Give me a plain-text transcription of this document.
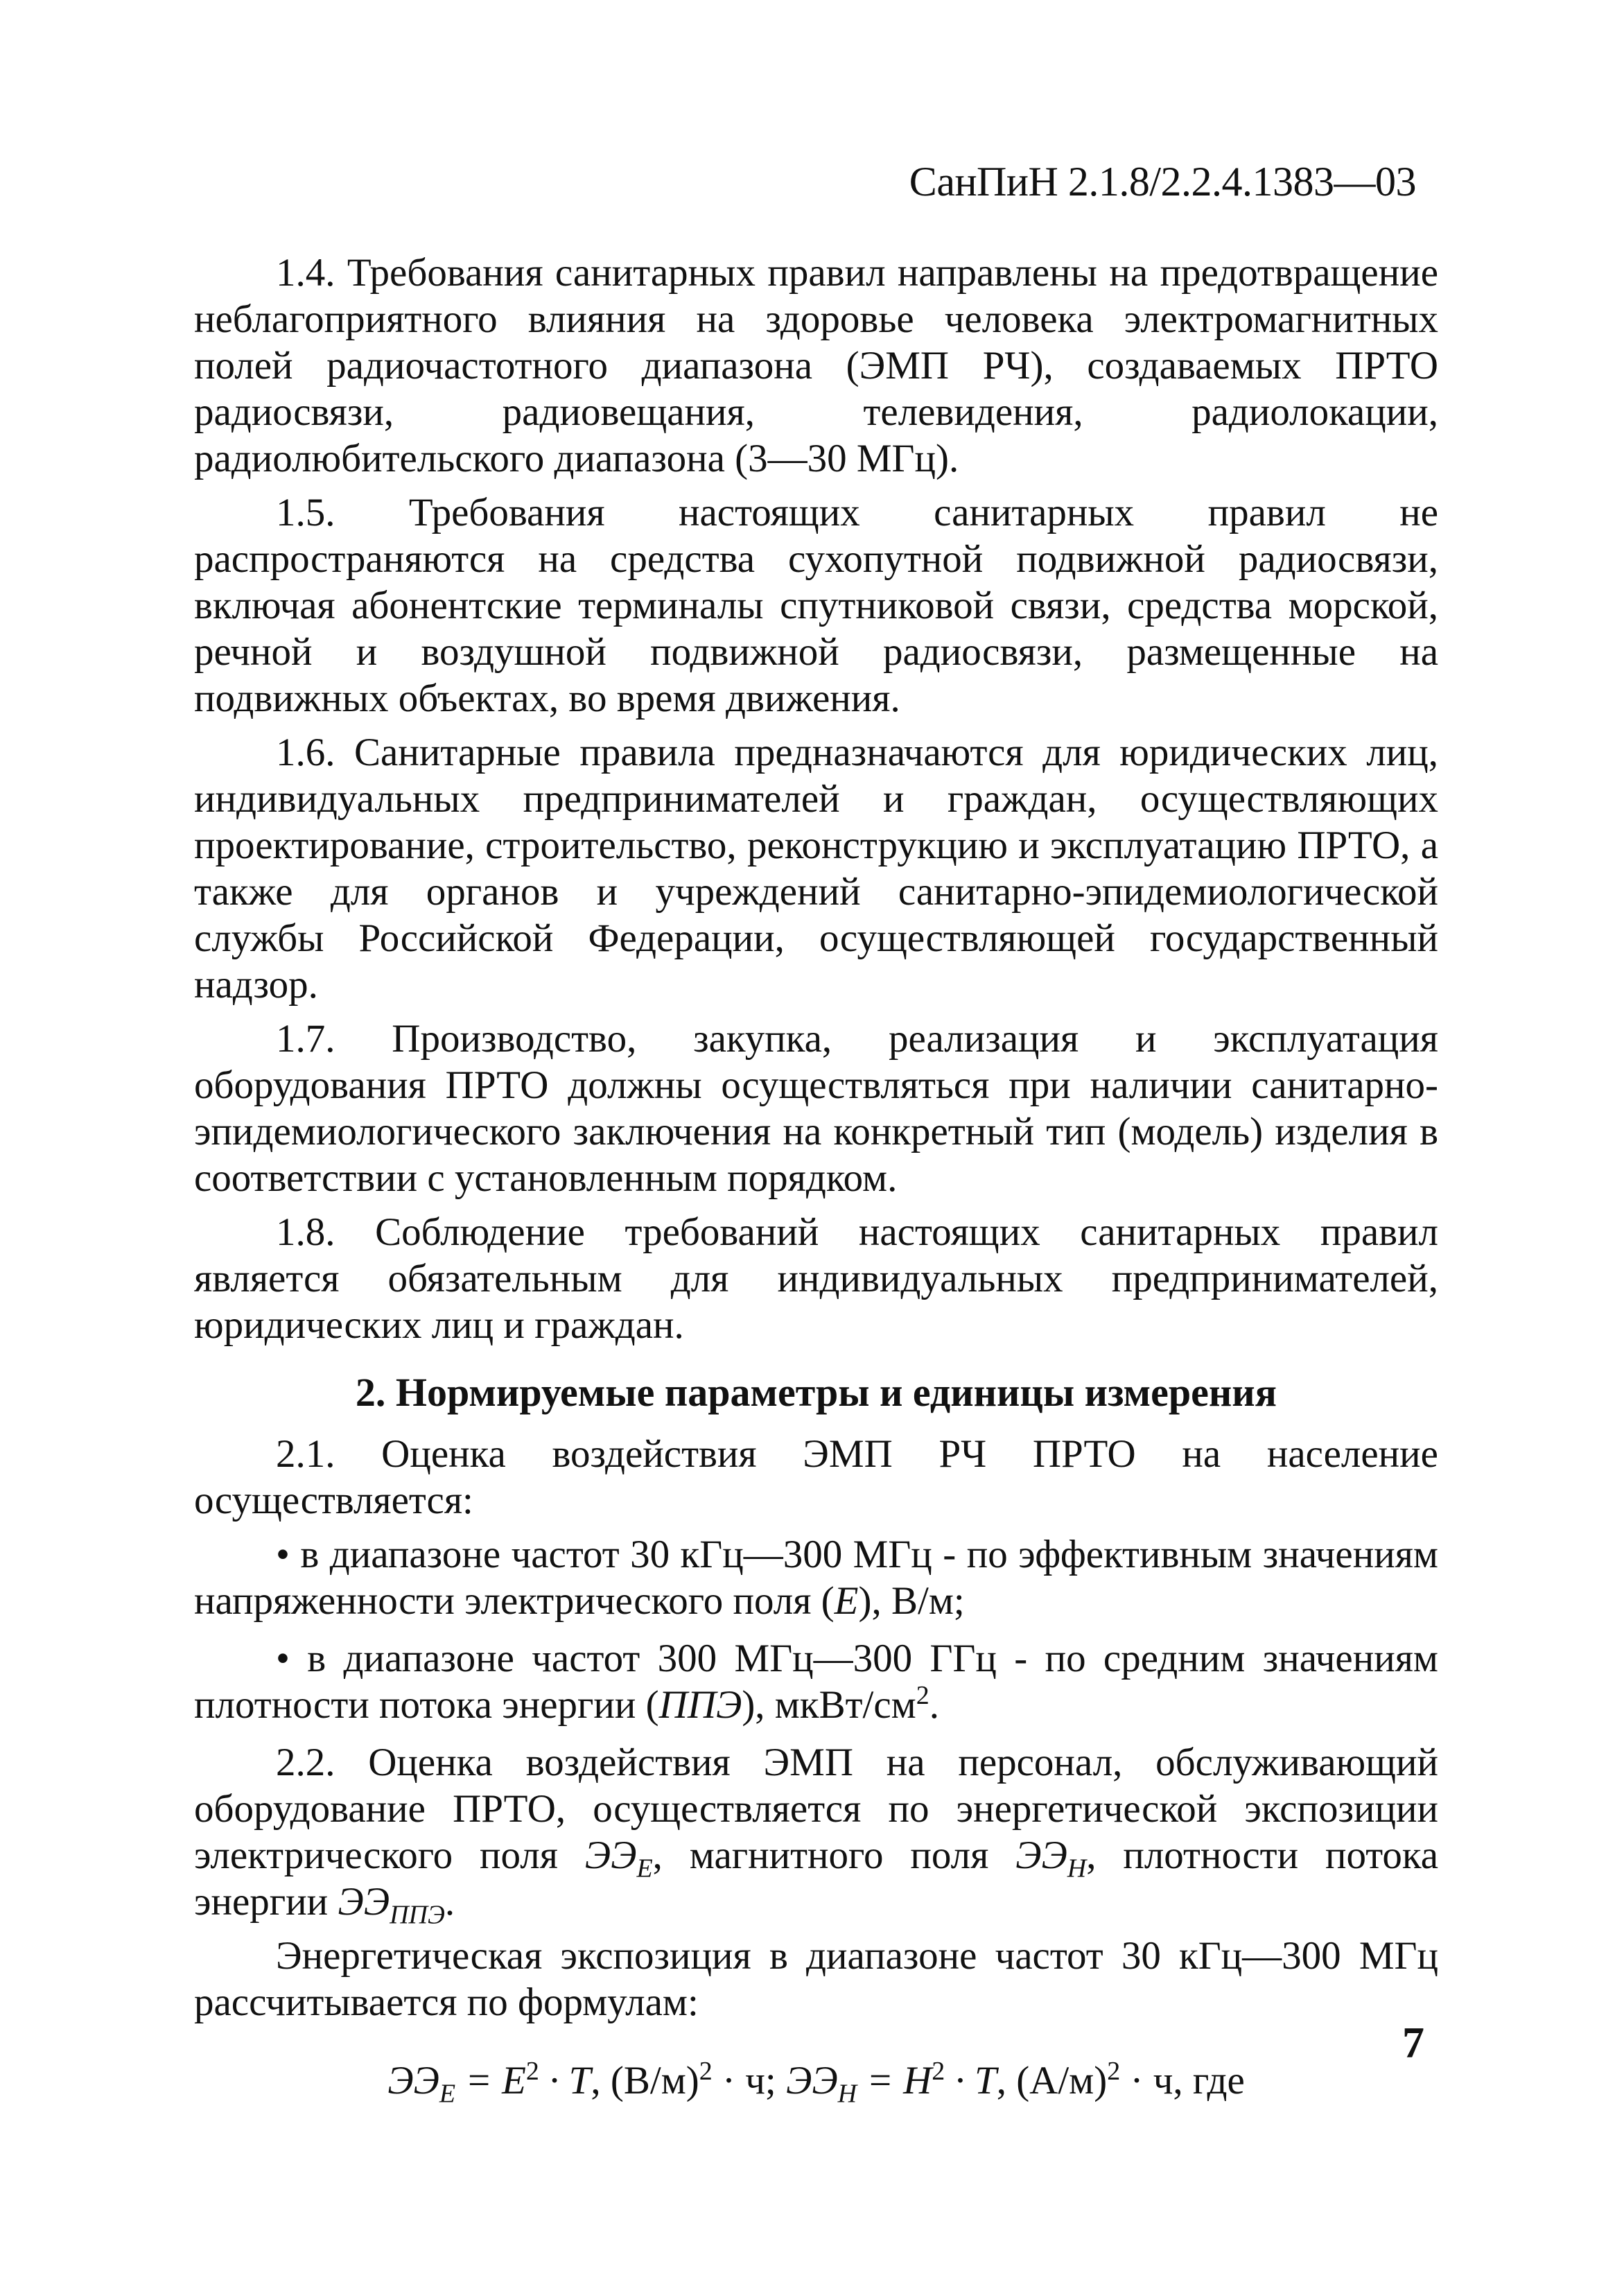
СанПиН 2.1.8/2.2.4.1383—03

1.4. Требования санитарных правил направлены на предотвращение неблагоприятного влияния на здоровье человека электромагнитных полей радиочастотного диапазона (ЭМП РЧ), создаваемых ПРТО радиосвязи, радиовещания, телевидения, радиолокации, радиолюбительского диапазона (3—30 МГц).

1.5. Требования настоящих санитарных правил не распространяются на средства сухопутной подвижной радиосвязи, включая абонентские терминалы спутниковой связи, средства морской, речной и воздушной подвижной радиосвязи, размещенные на подвижных объектах, во время движения.

1.6. Санитарные правила предназначаются для юридических лиц, индивидуальных предпринимателей и граждан, осуществляющих проектирование, строительство, реконструкцию и эксплуатацию ПРТО, а также для органов и учреждений санитарно-эпидемиологической службы Российской Федерации, осуществляющей государственный надзор.

1.7. Производство, закупка, реализация и эксплуатация оборудования ПРТО должны осуществляться при наличии санитарно-эпидемиологического заключения на конкретный тип (модель) изделия в соответствии с установленным порядком.

1.8. Соблюдение требований настоящих санитарных правил является обязательным для индивидуальных предпринимателей, юридических лиц и граждан.

2. Нормируемые параметры и единицы измерения

2.1. Оценка воздействия ЭМП РЧ ПРТО на население осуществляется:

• в диапазоне частот 30 кГц—300 МГц - по эффективным значениям напряженности электрического поля (E), В/м;

• в диапазоне частот 300 МГц—300 ГГц - по средним значениям плотности потока энергии (ППЭ), мкВт/$см^2$.

2.2. Оценка воздействия ЭМП на персонал, обслуживающий оборудование ПРТО, осуществляется по энергетической экспозиции электрического поля $ЭЭ_E$, магнитного поля $ЭЭ_H$, плотности потока энергии $ЭЭ_{ППЭ}$.

Энергетическая экспозиция в диапазоне частот 30 кГц—300 МГц рассчитывается по формулам:

$ЭЭ_E = E^2 \cdot T$, $(В/м)^2 \cdot ч$; $ЭЭ_H = H^2 \cdot T$, $(А/м)^2 \cdot ч$, где
7
